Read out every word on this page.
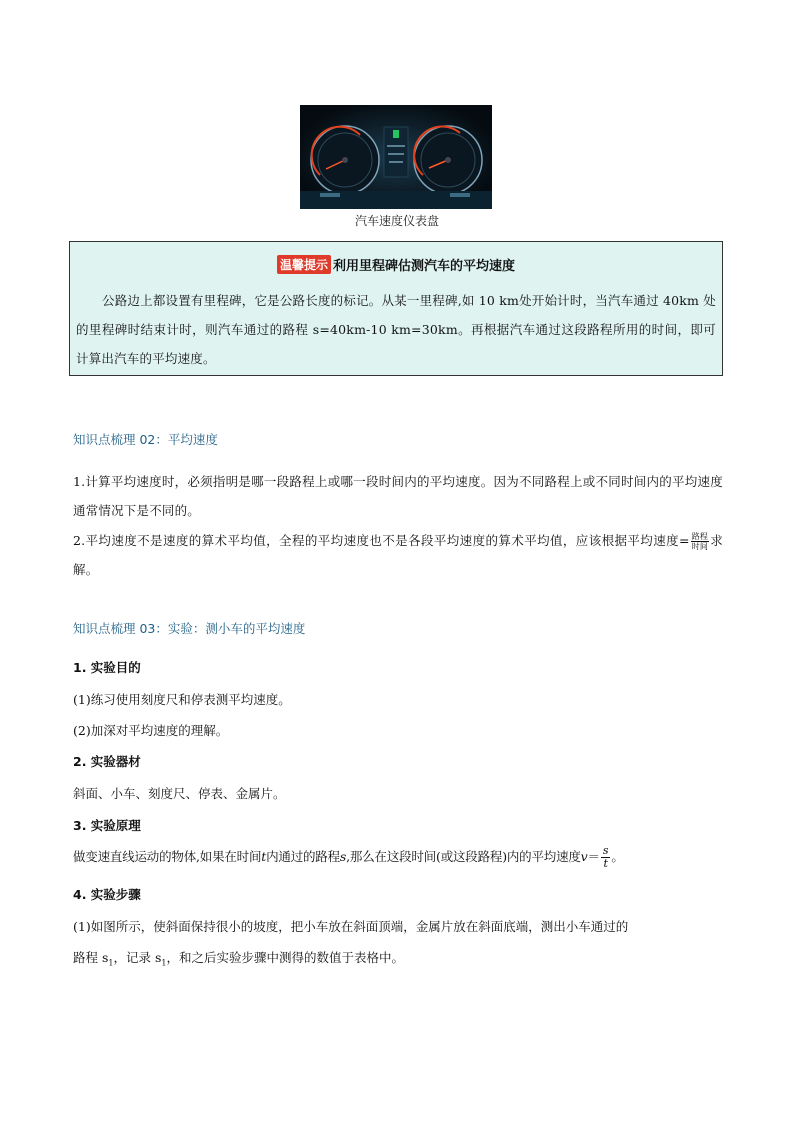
汽车速度仪表盘
温馨提示 利用里程碑估测汽车的平均速度
公路边上都设置有里程碑，它是公路长度的标记。从某一里程碑,如 10 km处开始计时，当汽车通过 40km 处的里程碑时结束计时，则汽车通过的路程 s=40km-10 km=30km。再根据汽车通过这段路程所用的时间，即可计算出汽车的平均速度。
知识点梳理 02：平均速度
1.计算平均速度时，必须指明是哪一段路程上或哪一段时间内的平均速度。因为不同路程上或不同时间内的平均速度通常情况下是不同的。
2.平均速度不是速度的算术平均值，全程的平均速度也不是各段平均速度的算术平均值，应该根据平均速度= $\frac{\text{路程}}{\text{时间}}$ 求解。
知识点梳理 03：实验：测小车的平均速度
1. 实验目的
(1)练习使用刻度尺和停表测平均速度。
(2)加深对平均速度的理解。
2. 实验器材
斜面、小车、刻度尺、停表、金属片。
3. 实验原理
做变速直线运动的物体,如果在时间t内通过的路程s,那么在这段时间(或这段路程)内的平均速度$v= \frac{s}{t}$ 。
4. 实验步骤
(1)如图所示，使斜面保持很小的坡度，把小车放在斜面顶端，金属片放在斜面底端，测出小车通过的
路程 $s_1$，记录 $s_1$，和之后实验步骤中测得的数值于表格中。
